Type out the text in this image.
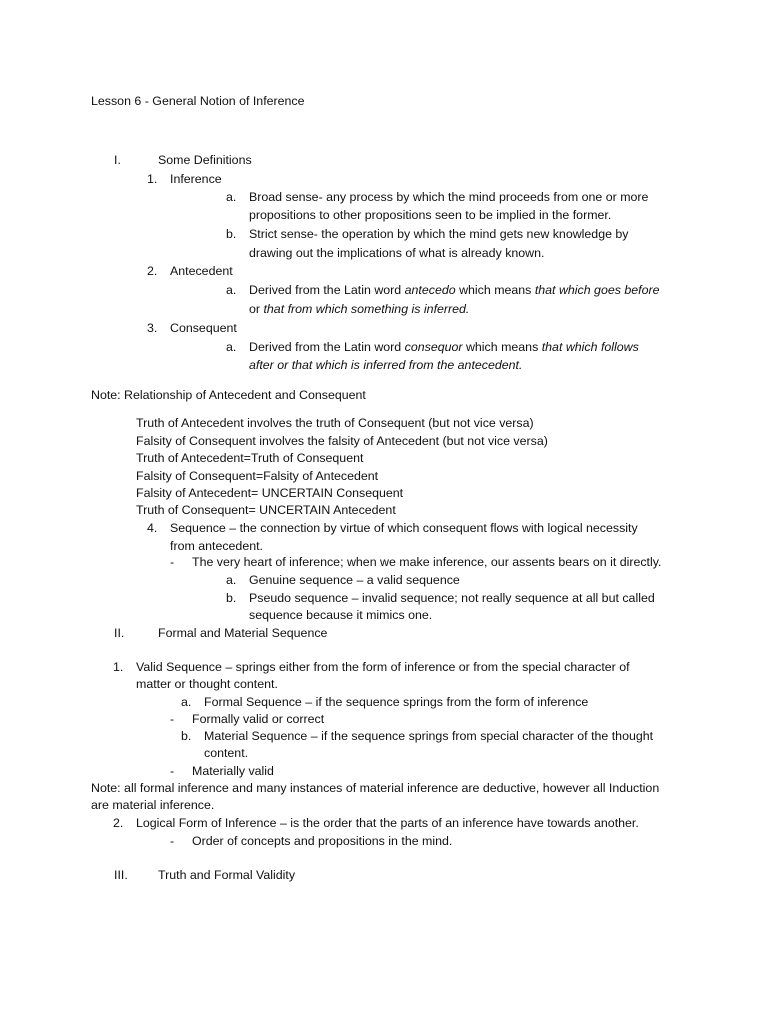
Lesson 6 - General Notion of Inference
I.	Some Definitions
1. Inference
a. Broad sense- any process by which the mind proceeds from one or more
propositions to other propositions seen to be implied in the former.
b. Strict sense- the operation by which the mind gets new knowledge by
drawing out the implications of what is already known.
2. Antecedent
a. Derived from the Latin word antecedo which means that which goes before
or that from which something is inferred.
3. Consequent
a. Derived from the Latin word consequor which means that which follows
after or that which is inferred from the antecedent.
Note: Relationship of Antecedent and Consequent
Truth of Antecedent involves the truth of Consequent (but not vice versa)
Falsity of Consequent involves the falsity of Antecedent (but not vice versa)
Truth of Antecedent=Truth of Consequent
Falsity of Consequent=Falsity of Antecedent
Falsity of Antecedent= UNCERTAIN Consequent
Truth of Consequent= UNCERTAIN Antecedent
4. Sequence – the connection by virtue of which consequent flows with logical necessity
from antecedent.
- The very heart of inference; when we make inference, our assents bears on it directly.
a. Genuine sequence – a valid sequence
b. Pseudo sequence – invalid sequence; not really sequence at all but called
sequence because it mimics one.
II.	Formal and Material Sequence
1. Valid Sequence – springs either from the form of inference or from the special character of
matter or thought content.
a. Formal Sequence – if the sequence springs from the form of inference
- Formally valid or correct
b. Material Sequence – if the sequence springs from special character of the thought
content.
- Materially valid
Note: all formal inference and many instances of material inference are deductive, however all Induction
are material inference.
2. Logical Form of Inference – is the order that the parts of an inference have towards another.
- Order of concepts and propositions in the mind.
III. Truth and Formal Validity
